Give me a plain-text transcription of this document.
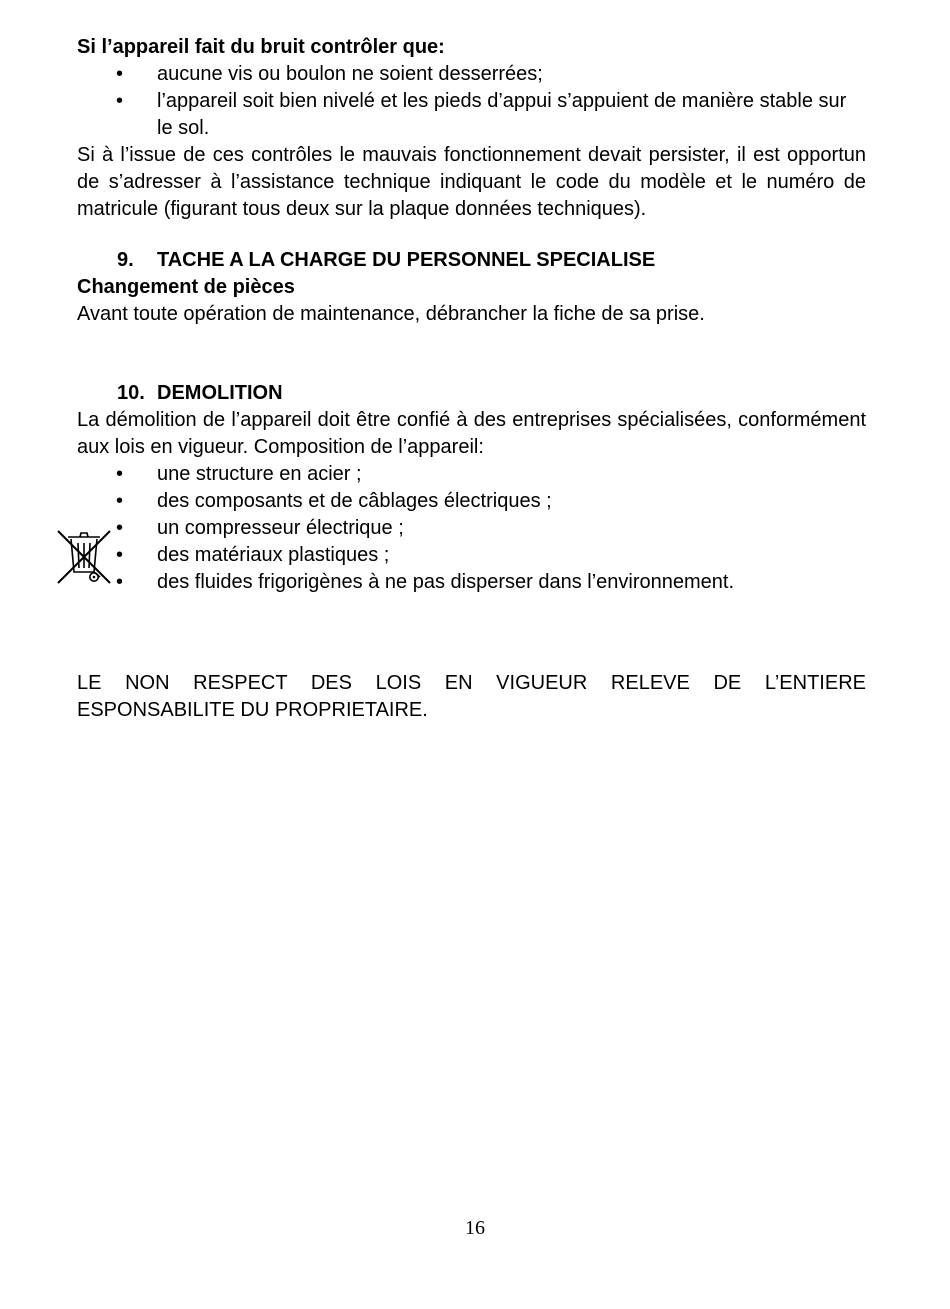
Si l’appareil fait du bruit contrôler que:
• aucune vis ou boulon ne soient desserrées;
• l’appareil soit bien nivelé et les pieds d’appui s’appuient de manière stable sur le sol.
Si à l’issue de ces contrôles le mauvais fonctionnement devait persister, il est opportun de s’adresser à l’assistance technique indiquant le code du modèle et le numéro de matricule (figurant tous deux sur la plaque données techniques).
9. TACHE A LA CHARGE DU PERSONNEL SPECIALISE
Changement de pièces
Avant toute opération de maintenance, débrancher la fiche de sa prise.
10. DEMOLITION
La démolition de l’appareil doit être confié à des entreprises spécialisées, conformément aux lois en vigueur. Composition de l’appareil:
• une structure en acier ;
• des composants et de câblages électriques ;
• un compresseur électrique ;
• des matériaux plastiques ;
• des fluides frigorigènes à ne pas disperser dans l’environnement.
LE NON RESPECT DES LOIS EN VIGUEUR RELEVE DE L’ENTIERE
ESPONSABILITE DU PROPRIETAIRE.
16
